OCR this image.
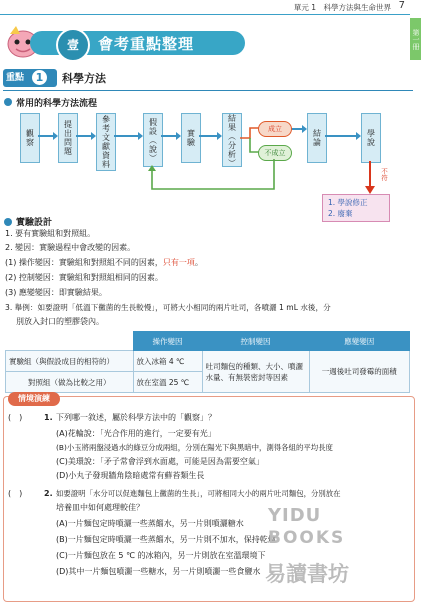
單元 1　科學方法與生命世界 7
第一冊
壹	會考重點整理
重點	1	科學方法
常用的科學方法流程
觀察	提出問題	參考文獻資料	假設（說）	實驗	結果（分析）	結論	學說
成立
不成立
不符
1. 學說修正
2. 廢棄
實驗設計
1. 要有實驗組和對照組。
2. 變因：實驗過程中會改變的因素。
(1) 操作變因：實驗組和對照組不同的因素，只有一項。
(2) 控制變因：實驗組和對照組相同的因素。
(3) 應變變因：即實驗結果。
3. 舉例：如要證明「低溫下黴菌的生長較慢」，可將大小相同的兩片吐司，各噴灑 1 mL 水後，分
別放入封口的塑膠袋內。
	操作變因	控制變因	應變變因
實驗組（與假設成目的相符的）	放入冰箱 4 ℃	吐司麵包的種類、大小、噴灑水量、有無裝密封等因素	一週後吐司發霉的面積
對照組（做為比較之用）	放在室溫 25 ℃		
情境演練
(　)	1. 下列哪一敘述，屬於科學方法中的「觀察」？
(A)花輪說：「光合作用的進行，一定要有光」
(B)小玉將兩盤浸過水的綠豆分成兩組，分別在陽光下與黑暗中，測得各組的平均長度
(C)美環說：「矛子常會浮到水面處，可能是因為需要空氣」
(D)小丸子發現牆角陰暗處常有蘚苔類生長
(　)	2. 如要證明「水分可以促進麵包上黴菌的生長」，可將相同大小的兩片吐司麵包，分別放在
培養皿中如何處理較佳？
(A)一片麵包定時噴灑一些蒸餾水，另一片則噴灑糖水
(B)一片麵包定時噴灑一些蒸餾水，另一片則不加水，保持乾燥
(C)一片麵包放在 5 ℃ 的冰箱內，另一片則放在室溫環境下
(D)其中一片麵包噴灑一些糖水，另一片則噴灑一些食鹽水
YIDU
BOOKS
易讀書坊
